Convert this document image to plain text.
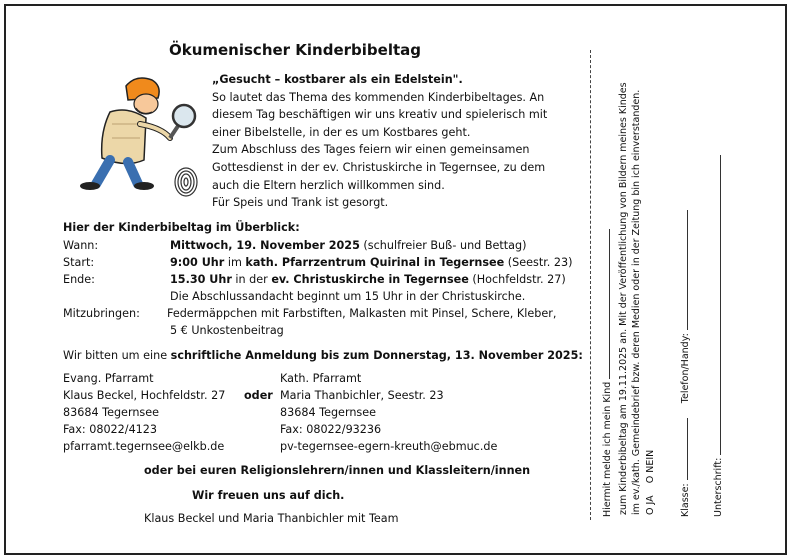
Ökumenischer Kinderbibeltag
„Gesucht – kostbarer als ein Edelstein".
So lautet das Thema des kommenden Kinderbibeltages. An
diesem Tag beschäftigen wir uns kreativ und spielerisch mit
einer Bibelstelle, in der es um Kostbares geht.
Zum Abschluss des Tages feiern wir einen gemeinsamen
Gottesdienst in der ev. Christuskirche in Tegernsee, zu dem
auch die Eltern herzlich willkommen sind.
Für Speis und Trank ist gesorgt.
Hier der Kinderbibeltag im Überblick:
Wann:	Mittwoch, 19. November 2025 (schulfreier Buß- und Bettag)
Start:	9:00 Uhr im kath. Pfarrzentrum Quirinal in Tegernsee (Seestr. 23)
Ende:	15.30 Uhr in der ev. Christuskirche in Tegernsee (Hochfeldstr. 27)
Die Abschlussandacht beginnt um 15 Uhr in der Christuskirche.
Mitzubringen: Federmäppchen mit Farbstiften, Malkasten mit Pinsel, Schere, Kleber,
5 € Unkostenbeitrag
Wir bitten um eine schriftliche Anmeldung bis zum Donnerstag, 13. November 2025:
Evang. Pfarramt
Klaus Beckel, Hochfeldstr. 27
83684 Tegernsee
Fax: 08022/4123
pfarramt.tegernsee@elkb.de
oder
Kath. Pfarramt
Maria Thanbichler, Seestr. 23
83684 Tegernsee
Fax: 08022/93236
pv-tegernsee-egern-kreuth@ebmuc.de
oder bei euren Religionslehrern/innen und Klassleitern/innen
Wir freuen uns auf dich.
Klaus Beckel und Maria Thanbichler mit Team
Hiermit melde ich mein Kind zum Kinderbibeltag am 19.11.2025 an. Mit der Veröffentlichung von Bildern meines Kindes im ev./kath. Gemeindebrief bzw. deren Medien oder in der Zeitung bin ich einverstanden. O JA    O NEIN
Klasse:      Telefon/Handy:
Unterschrift:
